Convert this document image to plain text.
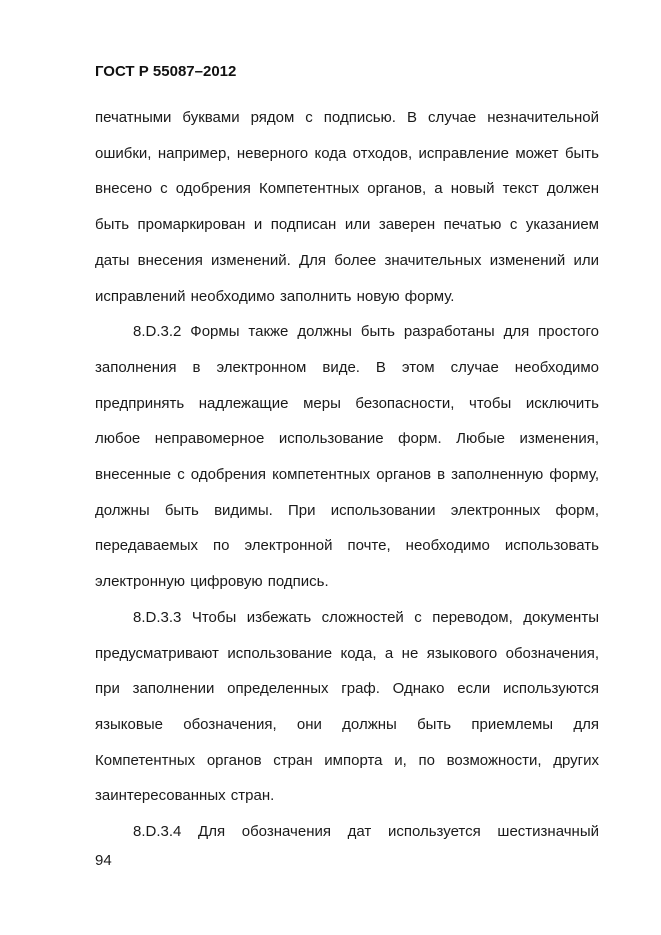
ГОСТ Р 55087–2012

печатными буквами рядом с подписью. В случае незначительной ошибки, например, неверного кода отходов, исправление может быть внесено с одобрения Компетентных органов, а новый текст должен быть промаркирован и подписан или заверен печатью с указанием даты внесения изменений. Для более значительных изменений или исправлений необходимо заполнить новую форму.

8.D.3.2 Формы также должны быть разработаны для простого заполнения в электронном виде. В этом случае необходимо предпринять надлежащие меры безопасности, чтобы исключить любое неправомерное использование форм. Любые изменения, внесенные с одобрения компетентных органов в заполненную форму, должны быть видимы. При использовании электронных форм, передаваемых по электронной почте, необходимо использовать электронную цифровую подпись.

8.D.3.3 Чтобы избежать сложностей с переводом, документы предусматривают использование кода, а не языкового обозначения, при заполнении определенных граф. Однако если используются языковые обозначения, они должны быть приемлемы для Компетентных органов стран импорта и, по возможности, других заинтересованных стран.

8.D.3.4 Для обозначения дат используется шестизначный

94
